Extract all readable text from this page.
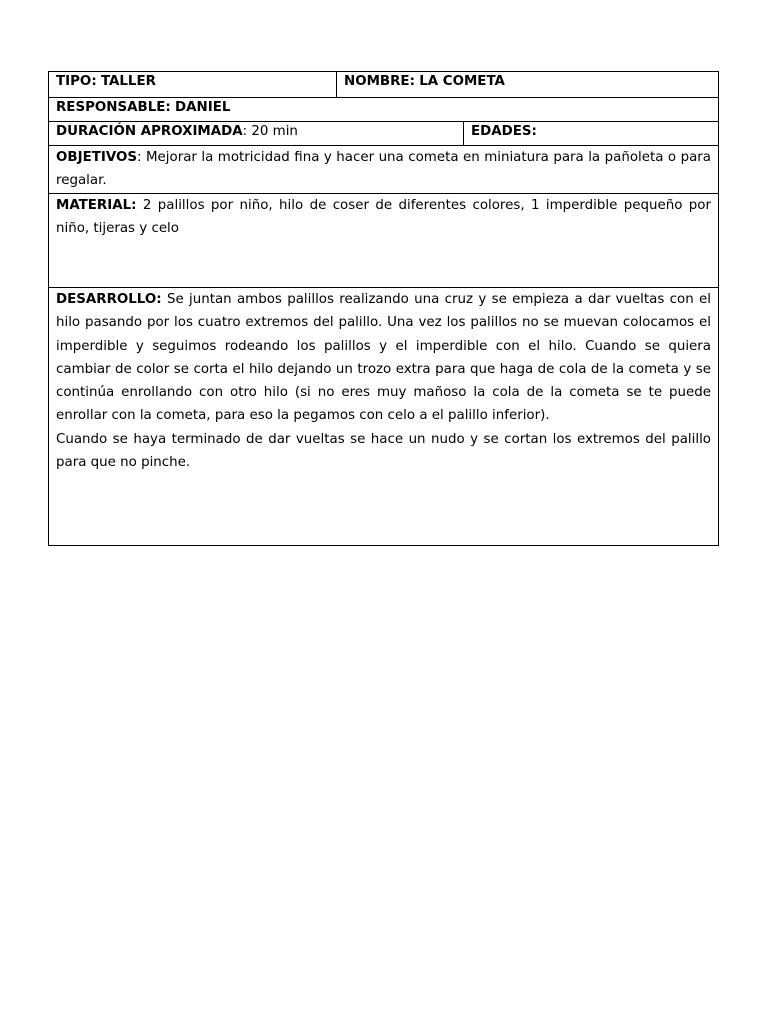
TIPO: TALLER	NOMBRE: LA COMETA
RESPONSABLE: DANIEL
DURACIÓN APROXIMADA: 20 min	EDADES:
OBJETIVOS: Mejorar la motricidad fina y hacer una cometa en miniatura para la pañoleta o para regalar.
MATERIAL: 2 palillos por niño, hilo de coser de diferentes colores, 1 imperdible pequeño por niño, tijeras y celo
DESARROLLO: Se juntan ambos palillos realizando una cruz y se empieza a dar vueltas con el hilo pasando por los cuatro extremos del palillo. Una vez los palillos no se muevan colocamos el imperdible y seguimos rodeando los palillos y el imperdible con el hilo. Cuando se quiera cambiar de color se corta el hilo dejando un trozo extra para que haga de cola de la cometa y se continúa enrollando con otro hilo (si no eres muy mañoso la cola de la cometa se te puede enrollar con la cometa, para eso la pegamos con celo a el palillo inferior).
Cuando se haya terminado de dar vueltas se hace un nudo y se cortan los extremos del palillo para que no pinche.
